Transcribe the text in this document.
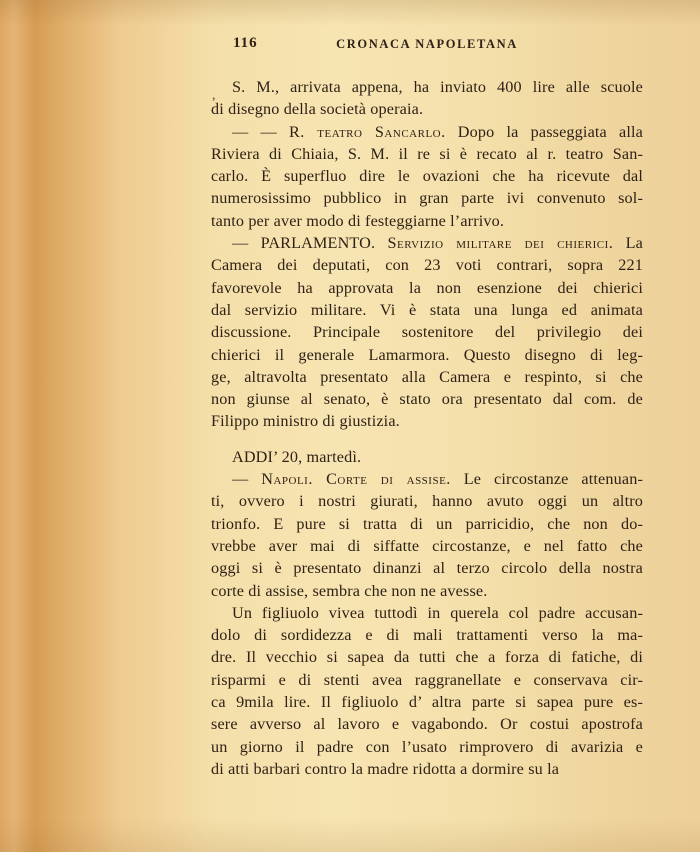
116	CRONACA NAPOLETANA
,	S. M., arrivata appena, ha inviato 400 lire alle scuole
di disegno della società operaia.
— — R. teatro Sancarlo. Dopo la passeggiata alla
Riviera di Chiaia, S. M. il re si è recato al r. teatro San-
carlo. È superfluo dire le ovazioni che ha ricevute dal
numerosissimo pubblico in gran parte ivi convenuto sol-
tanto per aver modo di festeggiarne l’arrivo.
— PARLAMENTO. Servizio militare dei chierici. La
Camera dei deputati, con 23 voti contrari, sopra 221
favorevole ha approvata la non esenzione dei chierici
dal servizio militare. Vi è stata una lunga ed animata
discussione. Principale sostenitore del privilegio dei
chierici il generale Lamarmora. Questo disegno di leg-
ge, altravolta presentato alla Camera e respinto, si che
non giunse al senato, è stato ora presentato dal com. de
Filippo ministro di giustizia.
ADDI’ 20, martedì.
— Napoli. Corte di assise. Le circostanze attenuan-
ti, ovvero i nostri giurati, hanno avuto oggi un altro
trionfo. E pure si tratta di un parricidio, che non do-
vrebbe aver mai di siffatte circostanze, e nel fatto che
oggi si è presentato dinanzi al terzo circolo della nostra
corte di assise, sembra che non ne avesse.
Un figliuolo vivea tuttodì in querela col padre accusan-
dolo di sordidezza e di mali trattamenti verso la ma-
dre. Il vecchio si sapea da tutti che a forza di fatiche, di
risparmi e di stenti avea raggranellate e conservava cir-
ca 9mila lire. Il figliuolo d’ altra parte si sapea pure es-
sere avverso al lavoro e vagabondo. Or costui apostrofa
un giorno il padre con l’usato rimprovero di avarizia e
di atti barbari contro la madre ridotta a dormire su la
